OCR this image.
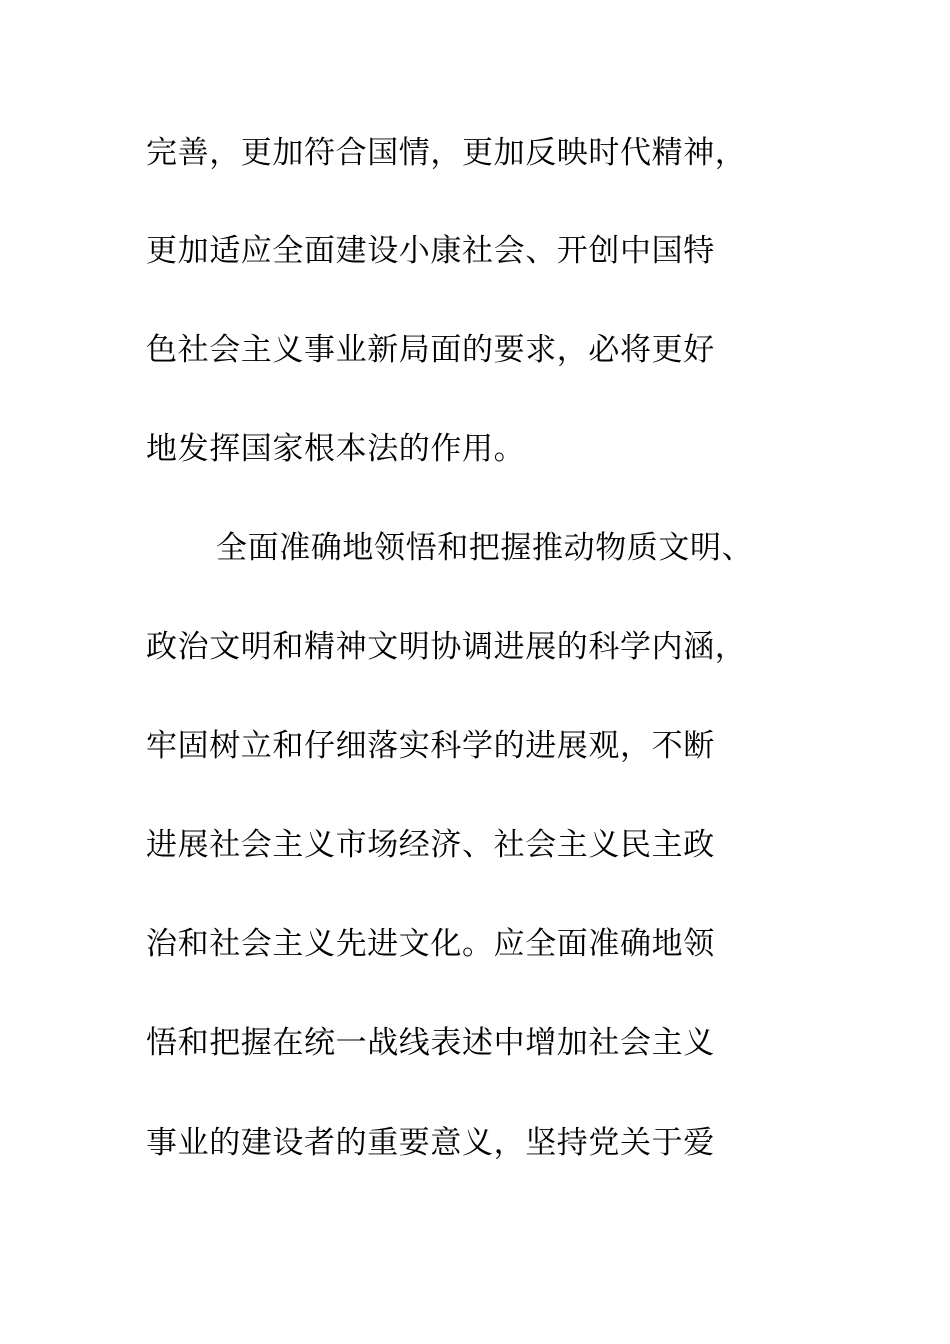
完善，更加符合国情，更加反映时代精神，
更加适应全面建设小康社会、开创中国特
色社会主义事业新局面的要求，必将更好
地发挥国家根本法的作用。
全面准确地领悟和把握推动物质文明、
政治文明和精神文明协调进展的科学内涵，
牢固树立和仔细落实科学的进展观，不断
进展社会主义市场经济、社会主义民主政
治和社会主义先进文化。应全面准确地领
悟和把握在统一战线表述中增加社会主义
事业的建设者的重要意义，坚持党关于爱
